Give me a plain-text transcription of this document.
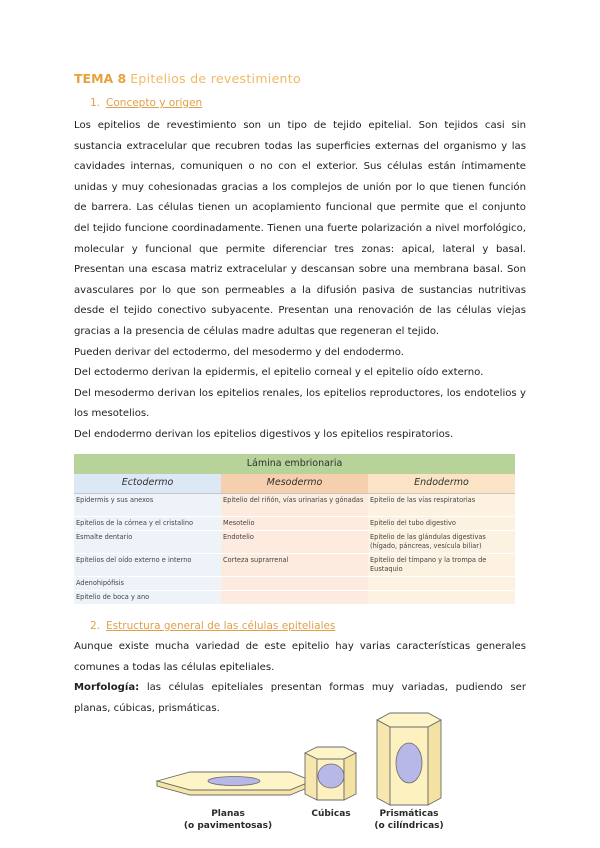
TEMA 8 Epitelios de revestimiento
1. Concepto y origen

Los epitelios de revestimiento son un tipo de tejido epitelial. Son tejidos casi sin sustancia extracelular que recubren todas las superficies externas del organismo y las cavidades internas, comuniquen o no con el exterior. Sus células están íntimamente unidas y muy cohesionadas gracias a los complejos de unión por lo que tienen función de barrera. Las células tienen un acoplamiento funcional que permite que el conjunto del tejido funcione coordinadamente. Tienen una fuerte polarización a nivel morfológico, molecular y funcional que permite diferenciar tres zonas: apical, lateral y basal. Presentan una escasa matriz extracelular y descansan sobre una membrana basal. Son avasculares por lo que son permeables a la difusión pasiva de sustancias nutritivas desde el tejido conectivo subyacente. Presentan una renovación de las células viejas gracias a la presencia de células madre adultas que regeneran el tejido.

Pueden derivar del ectodermo, del mesodermo y del endodermo.

Del ectodermo derivan la epidermis, el epitelio corneal y el epitelio oído externo.

Del mesodermo derivan los epitelios renales, los epitelios reproductores, los endotelios y los mesotelios.

Del endodermo derivan los epitelios digestivos y los epitelios respiratorios.

Lámina embrionaria		
Ectodermo	Mesodermo	Endodermo
Epidermis y sus anexos	Epitelio del riñón, vías urinarias y gónadas	Epitelio de las vías respiratorias
Epitelios de la córnea y el cristalino	Mesotelio	Epitelio del tubo digestivo
Esmalte dentario	Endotelio	Epitelio de las glándulas digestivas (hígado, páncreas, vesícula biliar)
Epitelios del oído externo e interno	Corteza suprarrenal	Epitelio del tímpano y la trompa de Eustaquio
Adenohipófisis		
Epitelio de boca y ano		
2. Estructura general de las células epiteliales

Aunque existe mucha variedad de este epitelio hay varias características generales comunes a todas las células epiteliales.

Morfología: las células epiteliales presentan formas muy variadas, pudiendo ser planas, cúbicas, prismáticas.

Planas
(o pavimentosas)
Cúbicas	Prismáticas
(o cilíndricas)
